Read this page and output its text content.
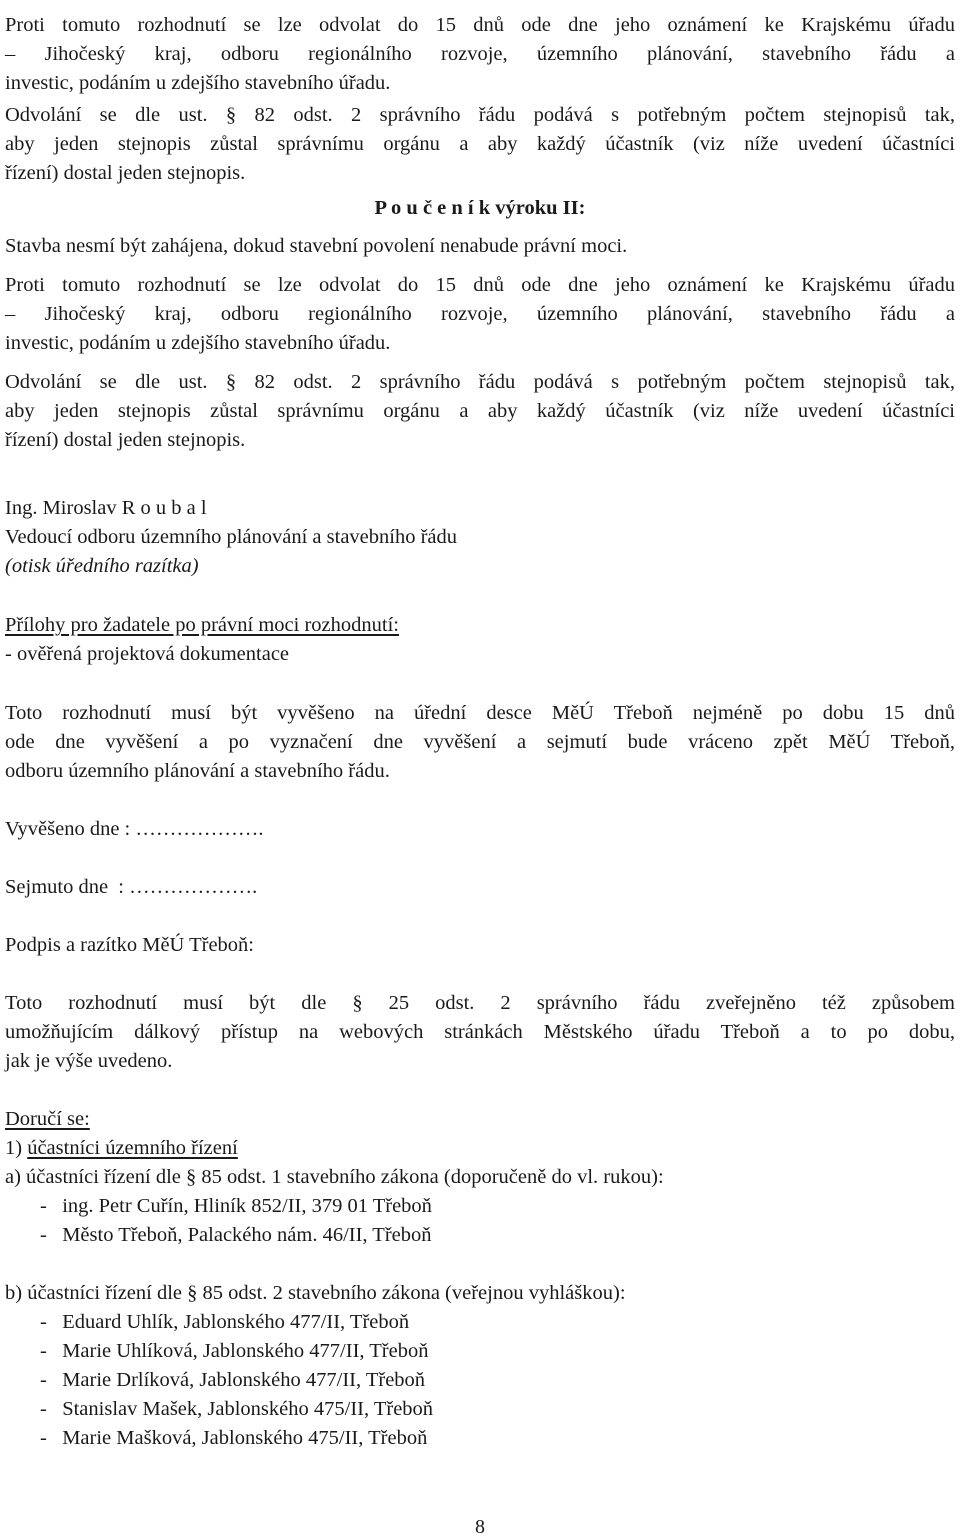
Proti tomuto rozhodnutí se lze odvolat do 15 dnů ode dne jeho oznámení ke Krajskému úřadu

– Jihočeský kraj, odboru regionálního rozvoje, územního plánování, stavebního řádu a

investic, podáním u zdejšího stavebního úřadu.

Odvolání se dle ust. § 82 odst. 2 správního řádu podává s potřebným počtem stejnopisů tak,

aby jeden stejnopis zůstal správnímu orgánu a aby každý účastník (viz níže uvedení účastníci

řízení) dostal jeden stejnopis.

P o u č e n í k výroku II:

Stavba nesmí být zahájena, dokud stavební povolení nenabude právní moci.

Proti tomuto rozhodnutí se lze odvolat do 15 dnů ode dne jeho oznámení ke Krajskému úřadu

– Jihočeský kraj, odboru regionálního rozvoje, územního plánování, stavebního řádu a

investic, podáním u zdejšího stavebního úřadu.

Odvolání se dle ust. § 82 odst. 2 správního řádu podává s potřebným počtem stejnopisů tak,

aby jeden stejnopis zůstal správnímu orgánu a aby každý účastník (viz níže uvedení účastníci

řízení) dostal jeden stejnopis.

Ing. Miroslav R o u b a l

Vedoucí odboru územního plánování a stavebního řádu

(otisk úředního razítka)

Přílohy pro žadatele po právní moci rozhodnutí:

- ověřená projektová dokumentace

Toto rozhodnutí musí být vyvěšeno na úřední desce MěÚ Třeboň nejméně po dobu 15 dnů

ode dne vyvěšení a po vyznačení dne vyvěšení a sejmutí bude vráceno zpět MěÚ Třeboň,

odboru územního plánování a stavebního řádu.

Vyvěšeno dne : ……………….

Sejmuto dne  : ……………….

Podpis a razítko MěÚ Třeboň:

Toto rozhodnutí musí být dle § 25 odst. 2 správního řádu zveřejněno též způsobem

umožňujícím dálkový přístup na webových stránkách Městského úřadu Třeboň a to po dobu,

jak je výše uvedeno.

Doručí se:

1) účastníci územního řízení

a) účastníci řízení dle § 85 odst. 1 stavebního zákona (doporučeně do vl. rukou):

-   ing. Petr Cuřín, Hliník 852/II, 379 01 Třeboň

-   Město Třeboň, Palackého nám. 46/II, Třeboň

b) účastníci řízení dle § 85 odst. 2 stavebního zákona (veřejnou vyhláškou):

-   Eduard Uhlík, Jablonského 477/II, Třeboň

-   Marie Uhlíková, Jablonského 477/II, Třeboň

-   Marie Drlíková, Jablonského 477/II, Třeboň

-   Stanislav Mašek, Jablonského 475/II, Třeboň

-   Marie Mašková, Jablonského 475/II, Třeboň

8
